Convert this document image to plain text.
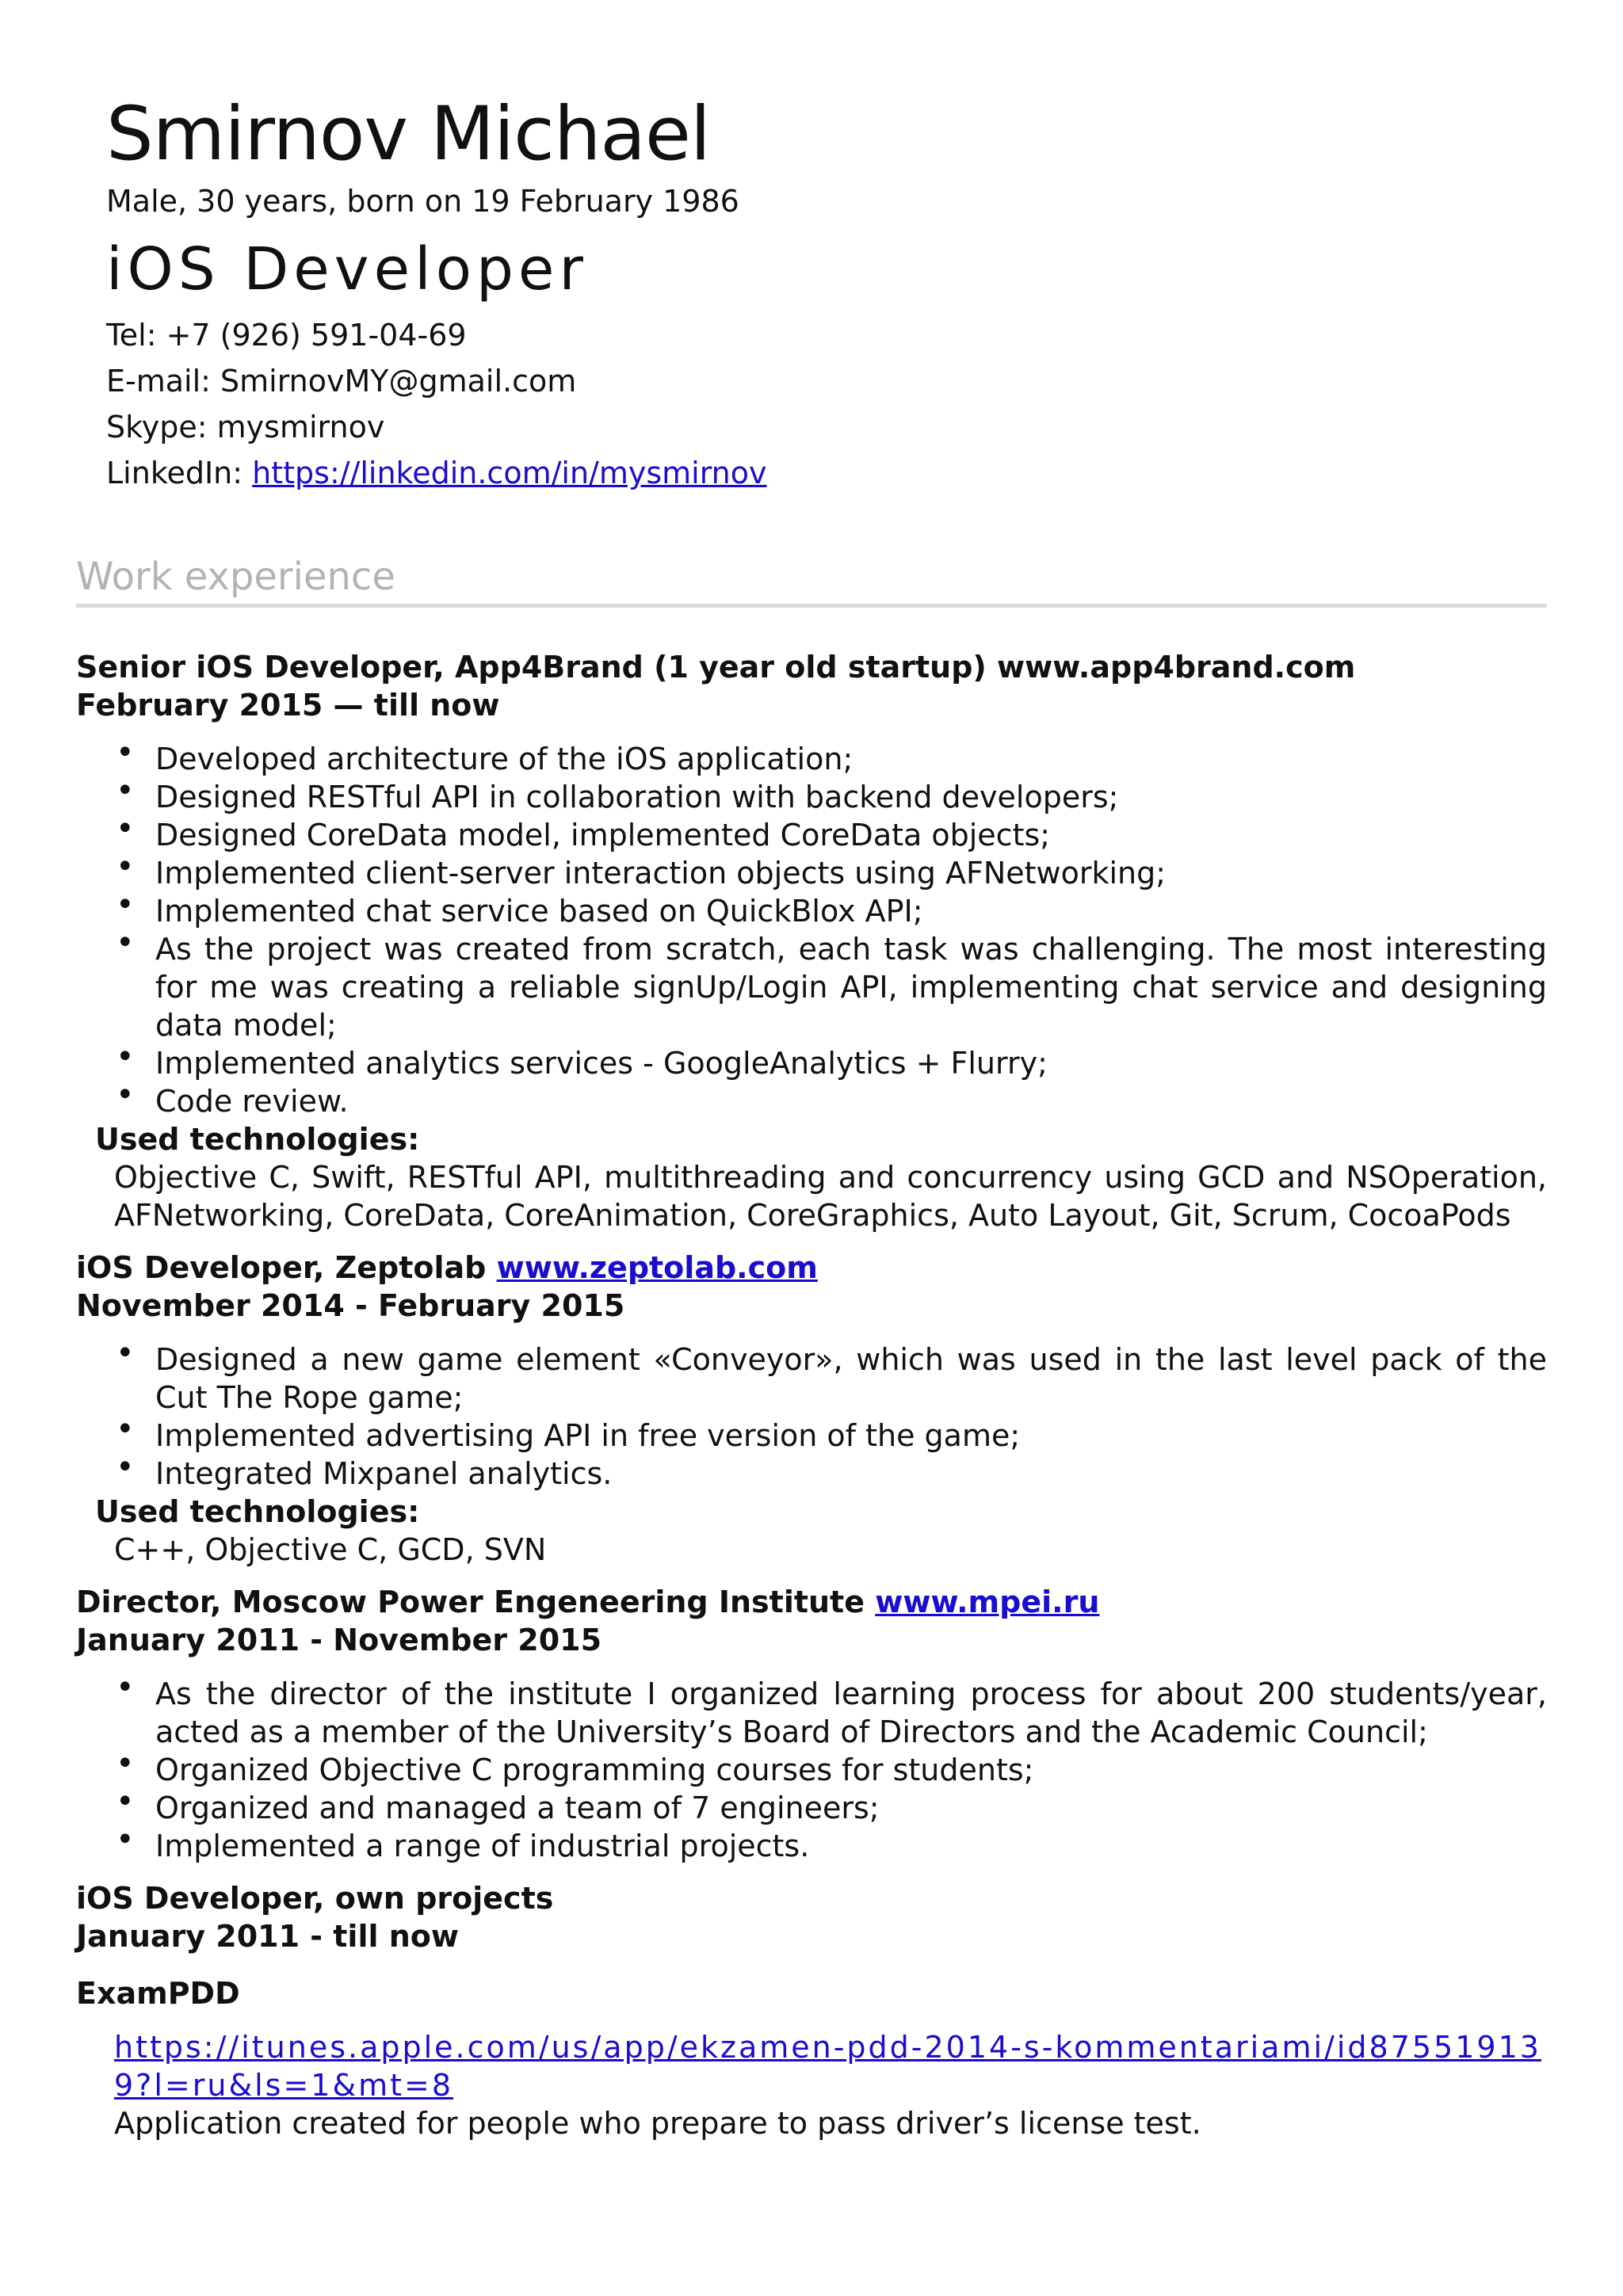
Smirnov Michael
Male, 30 years, born on 19 February 1986
iOS Developer
Tel: +7 (926) 591-04-69
E-mail: SmirnovMY@gmail.com
Skype: mysmirnov
LinkedIn: https://linkedin.com/in/mysmirnov
Work experience

Senior iOS Developer, App4Brand (1 year old startup) www.app4brand.com

February 2015 — till now

• Developed architecture of the iOS application;
• Designed RESTful API in collaboration with backend developers;
• Designed CoreData model, implemented CoreData objects;
• Implemented client-server interaction objects using AFNetworking;
• Implemented chat service based on QuickBlox API;
• As the project was created from scratch, each task was challenging. The most interesting for me was creating a reliable signUp/Login API, implementing chat service and designing data model;
• Implemented analytics services - GoogleAnalytics + Flurry;
• Code review.

Used technologies:

Objective C, Swift, RESTful API, multithreading and concurrency using GCD and NSOperation, AFNetworking, CoreData, CoreAnimation, CoreGraphics, Auto Layout, Git, Scrum, CocoaPods

iOS Developer, Zeptolab www.zeptolab.com

November 2014 - February 2015

• Designed a new game element «Conveyor», which was used in the last level pack of the Cut The Rope game;
• Implemented advertising API in free version of the game;
• Integrated Mixpanel analytics.

Used technologies:

C++, Objective C, GCD, SVN

Director, Moscow Power Engeneering Institute www.mpei.ru

January 2011 - November 2015

• As the director of the institute I organized learning process for about 200 students/year, acted as a member of the University’s Board of Directors and the Academic Council;
• Organized Objective C programming courses for students;
• Organized and managed a team of 7 engineers;
• Implemented a range of industrial projects.

iOS Developer, own projects

January 2011 - till now

ExamPDD

https://itunes.apple.com/us/app/ekzamen-pdd-2014-s-kommentariami/id875519139?l=ru&ls=1&mt=8

Application created for people who prepare to pass driver’s license test.
